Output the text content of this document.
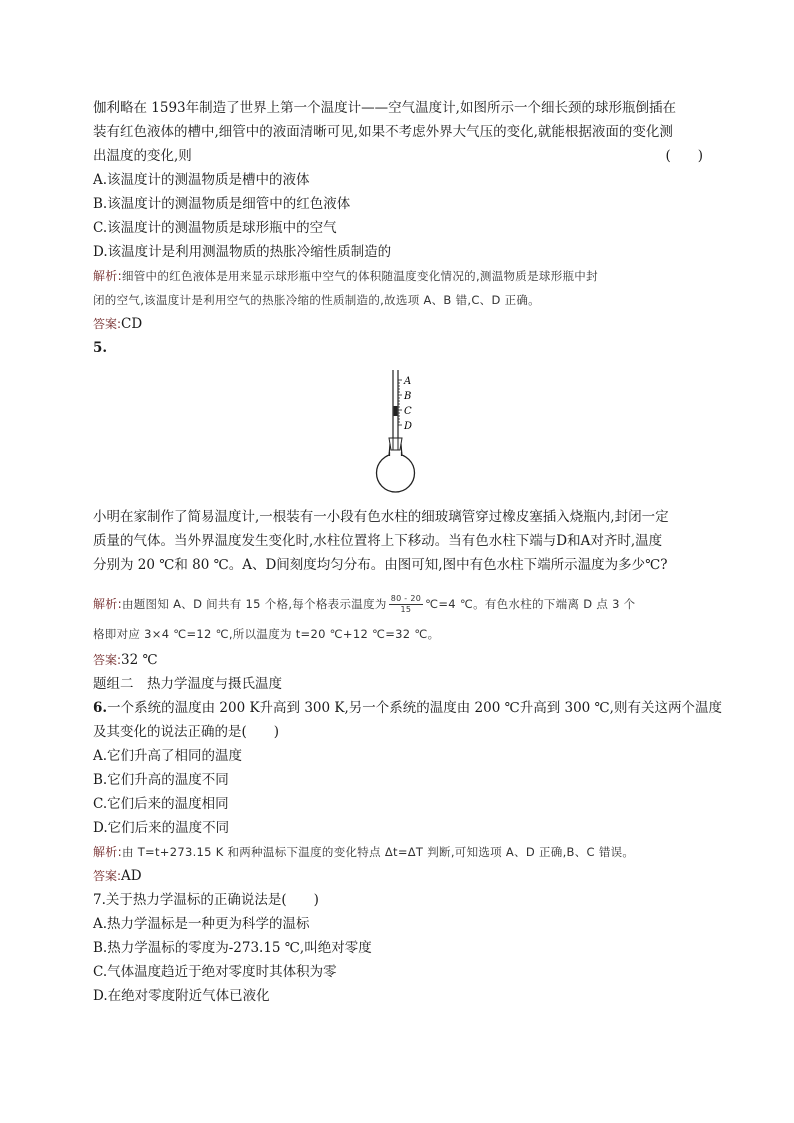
伽利略在 1593年制造了世界上第一个温度计——空气温度计,如图所示一个细长颈的球形瓶倒插在
装有红色液体的槽中,细管中的液面清晰可见,如果不考虑外界大气压的变化,就能根据液面的变化测
出温度的变化,则	(　　)
A.该温度计的测温物质是槽中的液体
B.该温度计的测温物质是细管中的红色液体
C.该温度计的测温物质是球形瓶中的空气
D.该温度计是利用测温物质的热胀冷缩性质制造的
解析:细管中的红色液体是用来显示球形瓶中空气的体积随温度变化情况的,测温物质是球形瓶中封
闭的空气,该温度计是利用空气的热胀冷缩的性质制造的,故选项 A、B 错,C、D 正确。
答案:CD
5.
A
B
C
D
小明在家制作了简易温度计,一根装有一小段有色水柱的细玻璃管穿过橡皮塞插入烧瓶内,封闭一定
质量的气体。当外界温度发生变化时,水柱位置将上下移动。当有色水柱下端与D和A对齐时,温度
分别为 20 ℃和 80 ℃。A、D间刻度均匀分布。由图可知,图中有色水柱下端所示温度为多少℃?
解析:由题图知 A、D 间共有 15 个格,每个格表示温度为 $\frac{80 - 20}{15}$ ℃=4 ℃。有色水柱的下端离 D 点 3 个
格即对应 3×4 ℃=12 ℃,所以温度为 t=20 ℃+12 ℃=32 ℃。
答案:32 ℃
题组二　热力学温度与摄氏温度
6.一个系统的温度由 200 K升高到 300 K,另一个系统的温度由 200 ℃升高到 300 ℃,则有关这两个温度
及其变化的说法正确的是(　　)
A.它们升高了相同的温度
B.它们升高的温度不同
C.它们后来的温度相同
D.它们后来的温度不同
解析:由 T=t+273.15 K 和两种温标下温度的变化特点 Δt=ΔT 判断,可知选项 A、D 正确,B、C 错误。
答案:AD
7.关于热力学温标的正确说法是(　　)
A.热力学温标是一种更为科学的温标
B.热力学温标的零度为-273.15 ℃,叫绝对零度
C.气体温度趋近于绝对零度时其体积为零
D.在绝对零度附近气体已液化
